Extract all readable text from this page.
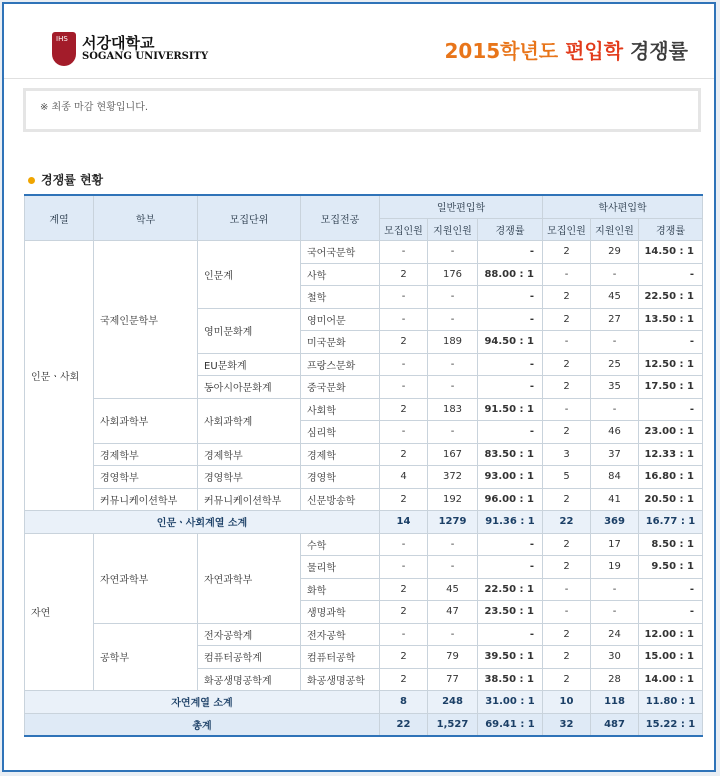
IHS 서강대학교
SOGANG UNIVERSITY	2015학년도 편입학 경쟁률
※ 최종 마감 현황입니다.
경쟁률 현황
계열	학부	모집단위	모집전공	일반편입학			학사편입학		
				모집인원	지원인원	경쟁률	모집인원	지원인원	경쟁률
인문ㆍ사회	국제인문학부	인문계	국어국문학	-	-	-	2	29	14.50 : 1
			사학	2	176	88.00 : 1	-	-	-
			철학	-	-	-	2	45	22.50 : 1
		영미문화계	영미어문	-	-	-	2	27	13.50 : 1
			미국문화	2	189	94.50 : 1	-	-	-
		EU문화계	프랑스문화	-	-	-	2	25	12.50 : 1
		동아시아문화계	중국문화	-	-	-	2	35	17.50 : 1
	사회과학부	사회과학계	사회학	2	183	91.50 : 1	-	-	-
			심리학	-	-	-	2	46	23.00 : 1
	경제학부	경제학부	경제학	2	167	83.50 : 1	3	37	12.33 : 1
	경영학부	경영학부	경영학	4	372	93.00 : 1	5	84	16.80 : 1
	커뮤니케이션학부	커뮤니케이션학부	신문방송학	2	192	96.00 : 1	2	41	20.50 : 1
인문ㆍ사회계열 소계				14	1279	91.36 : 1	22	369	16.77 : 1
자연	자연과학부	자연과학부	수학	-	-	-	2	17	8.50 : 1
			물리학	-	-	-	2	19	9.50 : 1
			화학	2	45	22.50 : 1	-	-	-
			생명과학	2	47	23.50 : 1	-	-	-
	공학부	전자공학계	전자공학	-	-	-	2	24	12.00 : 1
		컴퓨터공학계	컴퓨터공학	2	79	39.50 : 1	2	30	15.00 : 1
		화공생명공학계	화공생명공학	2	77	38.50 : 1	2	28	14.00 : 1
자연계열 소계				8	248	31.00 : 1	10	118	11.80 : 1
총계				22	1,527	69.41 : 1	32	487	15.22 : 1
